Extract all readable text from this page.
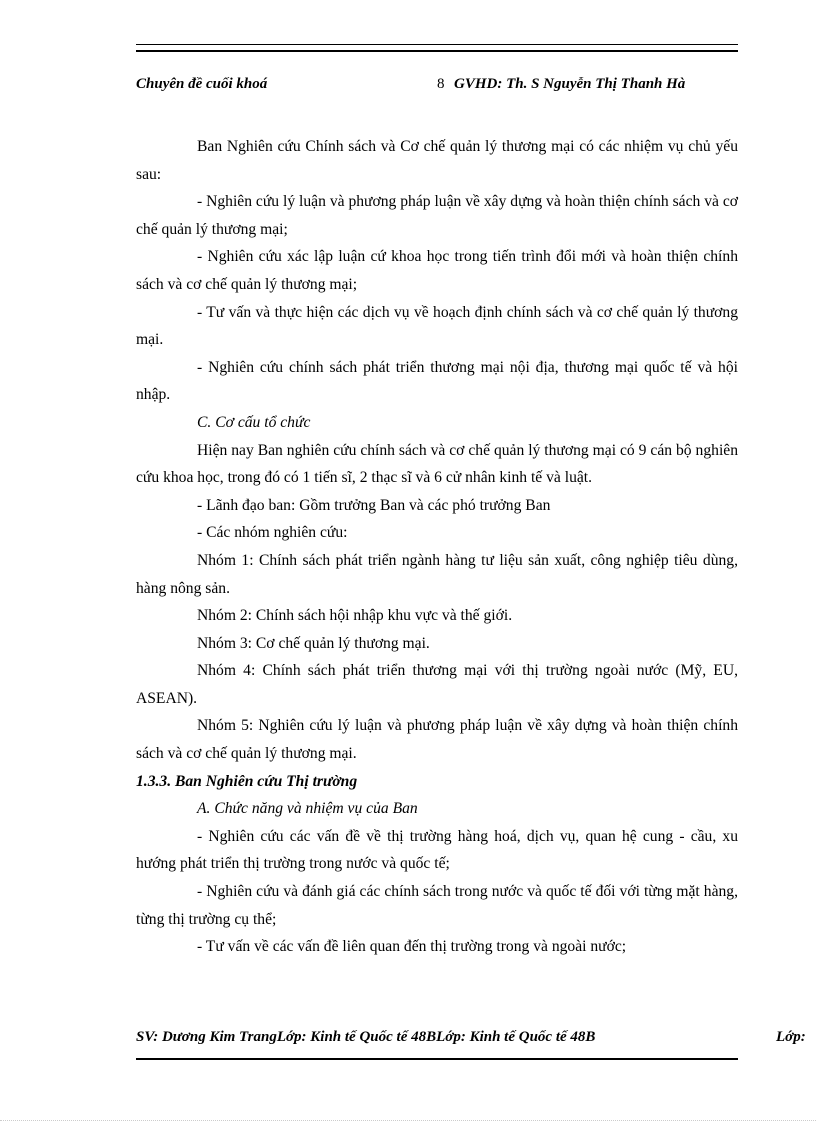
Chuyên đề cuối khoá	8 GVHD: Th. S Nguyễn Thị Thanh Hà

Ban Nghiên cứu Chính sách và Cơ chế quản lý thương mại có các nhiệm vụ chủ yếu sau:

- Nghiên cứu lý luận và phương pháp luận về xây dựng và hoàn thiện chính sách và cơ chế quản lý thương mại;

- Nghiên cứu xác lập luận cứ khoa học trong tiến trình đổi mới và hoàn thiện chính sách và cơ chế quản lý thương mại;

- Tư vấn và thực hiện các dịch vụ về hoạch định chính sách và cơ chế quản lý thương mại.

- Nghiên cứu chính sách phát triển thương mại nội địa, thương mại quốc tế và hội nhập.

C. Cơ cấu tổ chức

Hiện nay Ban nghiên cứu chính sách và cơ chế quản lý thương mại có 9 cán bộ nghiên cứu khoa học, trong đó có 1 tiến sĩ, 2 thạc sĩ và 6 cử nhân kinh tế và luật.

- Lãnh đạo ban: Gồm trưởng Ban và các phó trưởng Ban

- Các nhóm nghiên cứu:

Nhóm 1: Chính sách phát triển ngành hàng tư liệu sản xuất, công nghiệp tiêu dùng, hàng nông sản.

Nhóm 2: Chính sách hội nhập khu vực và thế giới.

Nhóm 3: Cơ chế quản lý thương mại.

Nhóm 4: Chính sách phát triển thương mại với thị trường ngoài nước (Mỹ, EU, ASEAN).

Nhóm 5: Nghiên cứu lý luận và phương pháp luận về xây dựng và hoàn thiện chính sách và cơ chế quản lý thương mại.

1.3.3. Ban Nghiên cứu Thị trường

A. Chức năng và nhiệm vụ của Ban

- Nghiên cứu các vấn đề về thị trường hàng hoá, dịch vụ, quan hệ cung - cầu, xu hướng phát triển thị trường trong nước và quốc tế;

- Nghiên cứu và đánh giá các chính sách trong nước và quốc tế đối với từng mặt hàng, từng thị trường cụ thể;

- Tư vấn về các vấn đề liên quan đến thị trường trong và ngoài nước;

SV: Dương Kim TrangLớp: Kinh tế Quốc tế 48BLớp: Kinh tế Quốc tế 48B	Lớp:
